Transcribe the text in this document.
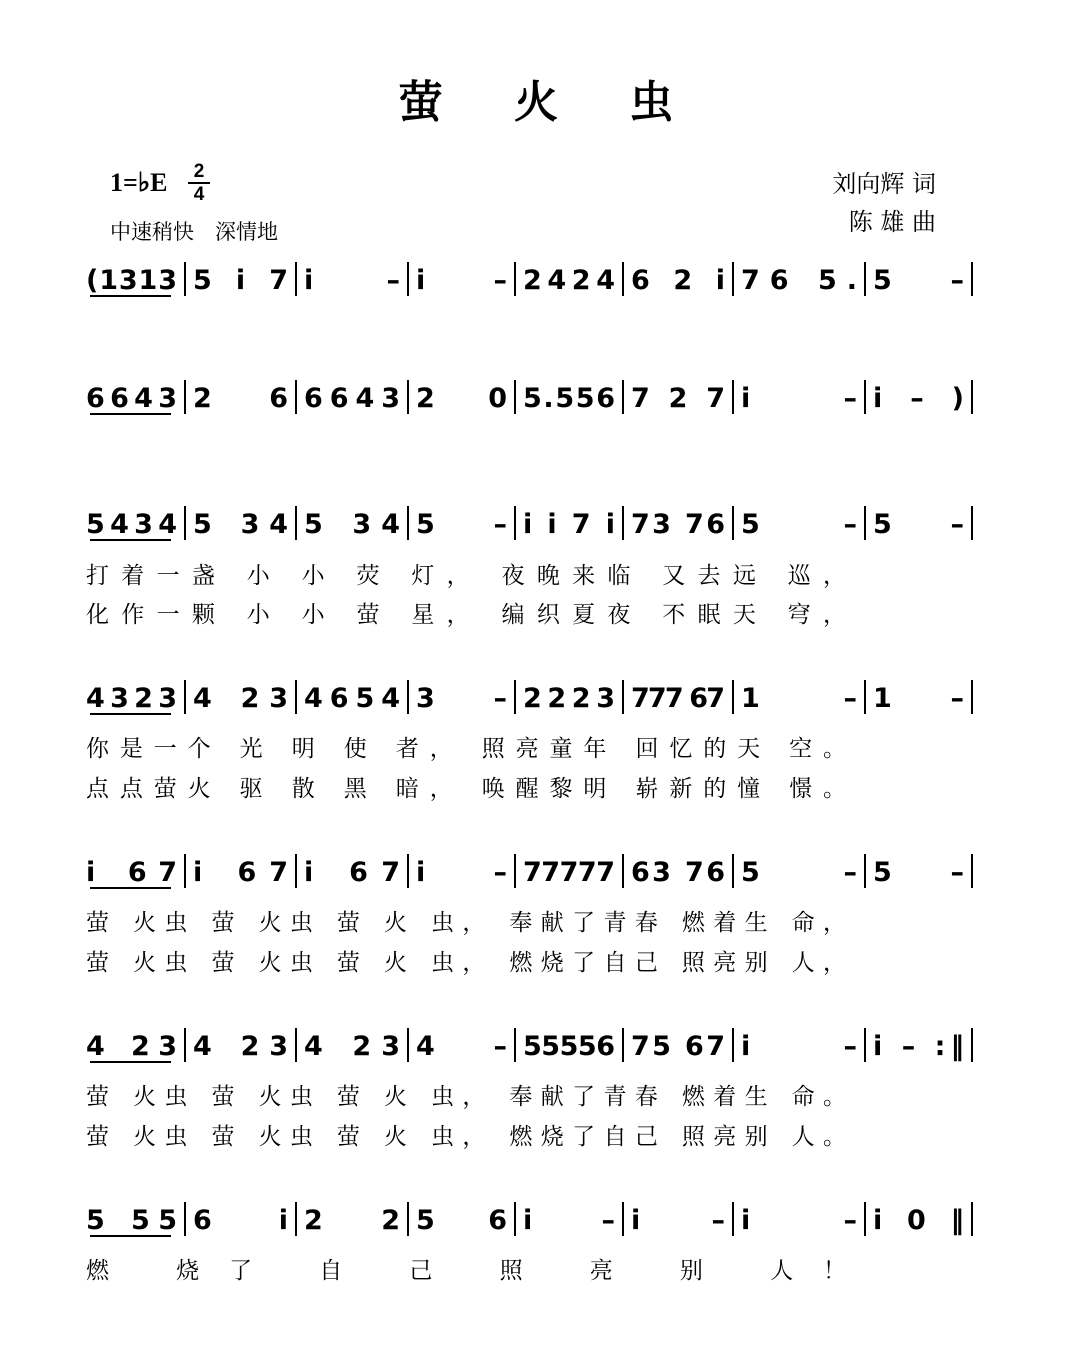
萤 火 虫
刘向辉 词
陈 雄 曲
1=♭E	2
4
中速稍快　深情地
(1313 5 i 7 i – i – 2424 6 2 i 76 5. 5 –
6643 2 6 6643 2 0 5.556 7 2 7 i – i – )
5434 5 34 5 34 5 – i i 7 i 73 76 5 – 5 –
打着一盏 小 小 荧 灯， 夜晚来临 又去远 巡，
化作一颗 小 小 萤 星， 编织夏夜 不眠天 穹，
4323 4 23 4654 3 – 2223 777 67 1 – 1 –
你是一个 光 明 使 者， 照亮童年 回忆的天 空。
点点萤火 驱 散 黑 暗， 唤醒黎明 崭新的憧 憬。
i 67 i 67 i 67 i – 77777 63 76 5 – 5 –
萤 火虫 萤 火虫 萤 火 虫， 奉献了青春 燃着生 命，
萤 火虫 萤 火虫 萤 火 虫， 燃烧了自己 照亮别 人，
4 23 4 23 4 23 4 – 55556 75 67 i – i – :‖
萤 火虫 萤 火虫 萤 火 虫， 奉献了青春 燃着生 命。
萤 火虫 萤 火虫 萤 火 虫， 燃烧了自己 照亮别 人。
5 55 6 i 2 2 5 6 i – i – i – i 0 ‖
燃 烧了 自 己 照 亮 别 人！
